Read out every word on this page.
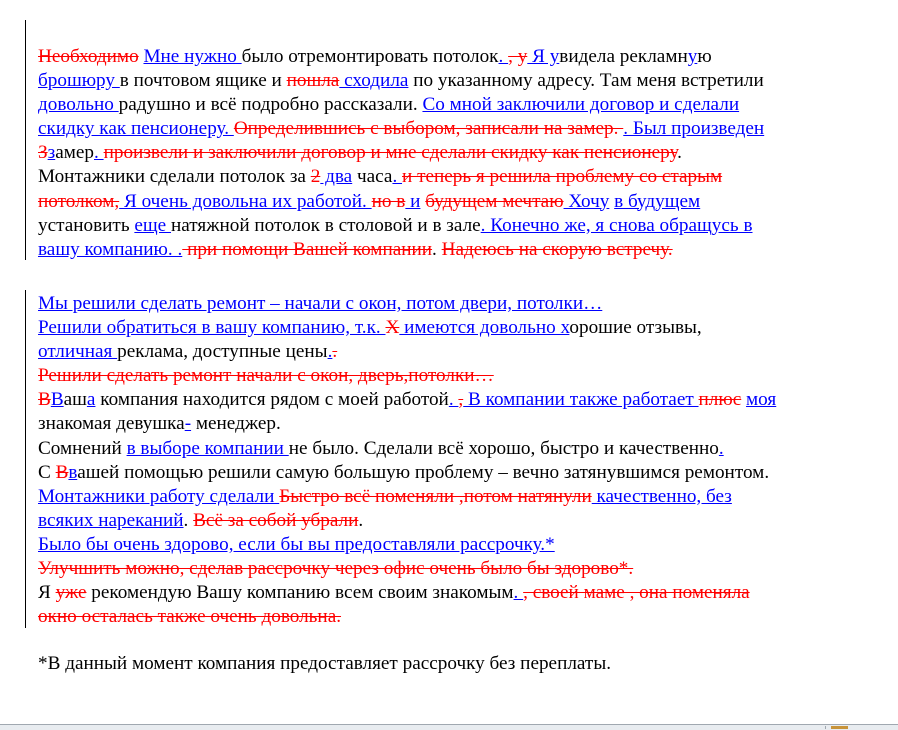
Необходимо Мне нужно было отремонтировать потолок. , у Я увидела рекламную
брошюру в почтовом ящике и пошла сходила по указанному адресу. Там меня встретили
довольно радушно и всё подробно рассказали. Со мной заключили договор и сделали
скидку как пенсионеру. Определившись с выбором, записали на замер. . Был произведен
Ззамер. произвели и заключили договор и мне сделали скидку как пенсионеру.
Монтажники сделали потолок за 2 два часа. и теперь я решила проблему со старым
потолком, Я очень довольна их работой. но в и будущем мечтаю Хочу в будущем
установить еще натяжной потолок в столовой и в зале. Конечно же, я снова обращусь в
вашу компанию. . при помощи Вашей компании. Надеюсь на скорую встречу.
Мы решили сделать ремонт – начали с окон, потом двери, потолки…
Решили обратиться в вашу компанию, т.к. Х имеются довольно хорошие отзывы,
отличная реклама, доступные цены..
Решили сделать ремонт начали с окон, дверь,потолки…
ВВаша компания находится рядом с моей работой. , В компании также работает плюс моя
знакомая девушка- менеджер.
Сомнений в выборе компании не было. Сделали всё хорошо, быстро и качественно.
С Ввашей помощью решили самую большую проблему – вечно затянувшимся ремонтом.
Монтажники работу сделали Быстро всё поменяли ,потом натянули качественно, без
всяких нареканий. Всё за собой убрали.
Было бы очень здорово, если бы вы предоставляли рассрочку.*
Улучшить можно, сделав рассрочку через офис очень было бы здорово*.
Я уже рекомендую Вашу компанию всем своим знакомым. , своей маме , она поменяла
окно осталась также очень довольна.
*В данный момент компания предоставляет рассрочку без переплаты.
